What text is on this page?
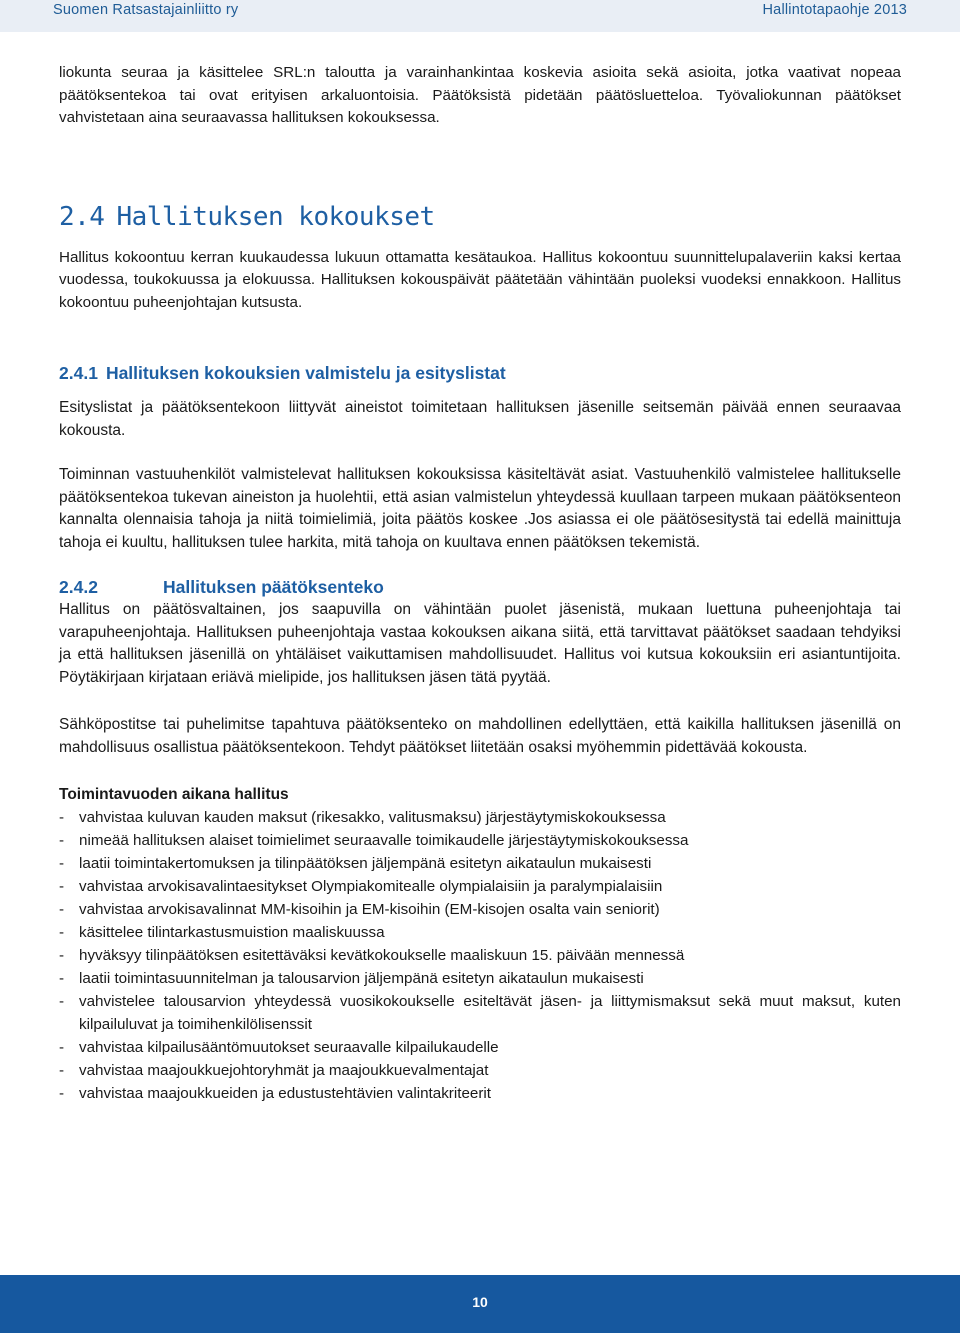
Suomen Ratsastajainliitto ry	Hallintotapaohje 2013

liokunta seuraa ja käsittelee SRL:n taloutta ja varainhankintaa koskevia asioita sekä asioita, jotka vaativat nopeaa päätöksentekoa tai ovat erityisen arkaluontoisia. Päätöksistä pidetään päätösluetteloa. Työvaliokunnan päätökset vahvistetaan aina seuraavassa hallituksen kokouksessa.

2.4 Hallituksen kokoukset

Hallitus kokoontuu kerran kuukaudessa lukuun ottamatta kesätaukoa. Hallitus kokoontuu suunnittelupalaveriin kaksi kertaa vuodessa, toukokuussa ja elokuussa. Hallituksen kokouspäivät päätetään vähintään puoleksi vuodeksi ennakkoon. Hallitus kokoontuu puheenjohtajan kutsusta.

2.4.1 Hallituksen kokouksien valmistelu ja esityslistat

Esityslistat ja päätöksentekoon liittyvät aineistot toimitetaan hallituksen jäsenille seitsemän päivää ennen seuraavaa kokousta.

Toiminnan vastuuhenkilöt valmistelevat hallituksen kokouksissa käsiteltävät asiat. Vastuuhenkilö valmistelee hallitukselle päätöksentekoa tukevan aineiston ja huolehtii, että asian valmistelun yhteydessä kuullaan tarpeen mukaan päätöksenteon kannalta olennaisia tahoja ja niitä toimielimiä, joita päätös koskee .Jos asiassa ei ole päätösesitystä tai edellä mainittuja tahoja ei kuultu, hallituksen tulee harkita, mitä tahoja on kuultava ennen päätöksen tekemistä.

2.4.2	Hallituksen päätöksenteko

Hallitus on päätösvaltainen, jos saapuvilla on vähintään puolet jäsenistä, mukaan luettuna puheenjohtaja tai varapuheenjohtaja. Hallituksen puheenjohtaja vastaa kokouksen aikana siitä, että tarvittavat päätökset saadaan tehdyiksi ja että hallituksen jäsenillä on yhtäläiset vaikuttamisen mahdollisuudet. Hallitus voi kutsua kokouksiin eri asiantuntijoita. Pöytäkirjaan kirjataan eriävä mielipide, jos hallituksen jäsen tätä pyytää.

Sähköpostitse tai puhelimitse tapahtuva päätöksenteko on mahdollinen edellyttäen, että kaikilla hallituksen jäsenillä on mahdollisuus osallistua päätöksentekoon. Tehdyt päätökset liitetään osaksi myöhemmin pidettävää kokousta.

Toimintavuoden aikana hallitus
- vahvistaa kuluvan kauden maksut (rikesakko, valitusmaksu) järjestäytymiskokouksessa
- nimeää hallituksen alaiset toimielimet seuraavalle toimikaudelle järjestäytymiskokouksessa
- laatii toimintakertomuksen ja tilinpäätöksen jäljempänä esitetyn aikataulun mukaisesti
- vahvistaa arvokisavalintaesitykset Olympiakomitealle olympialaisiin ja paralympialaisiin
- vahvistaa arvokisavalinnat MM-kisoihin ja EM-kisoihin (EM-kisojen osalta vain seniorit)
- käsittelee tilintarkastusmuistion maaliskuussa
- hyväksyy tilinpäätöksen esitettäväksi kevätkokoukselle maaliskuun 15. päivään mennessä
- laatii toimintasuunnitelman ja talousarvion jäljempänä esitetyn aikataulun mukaisesti
- vahvistelee talousarvion yhteydessä vuosikokoukselle esiteltävät jäsen- ja liittymismaksut sekä muut maksut, kuten kilpailuluvat ja toimihenkilölisenssit
- vahvistaa kilpailusääntömuutokset seuraavalle kilpailukaudelle
- vahvistaa maajoukkuejohtoryhmät ja maajoukkuevalmentajat
- vahvistaa maajoukkueiden ja edustustehtävien valintakriteerit
10
